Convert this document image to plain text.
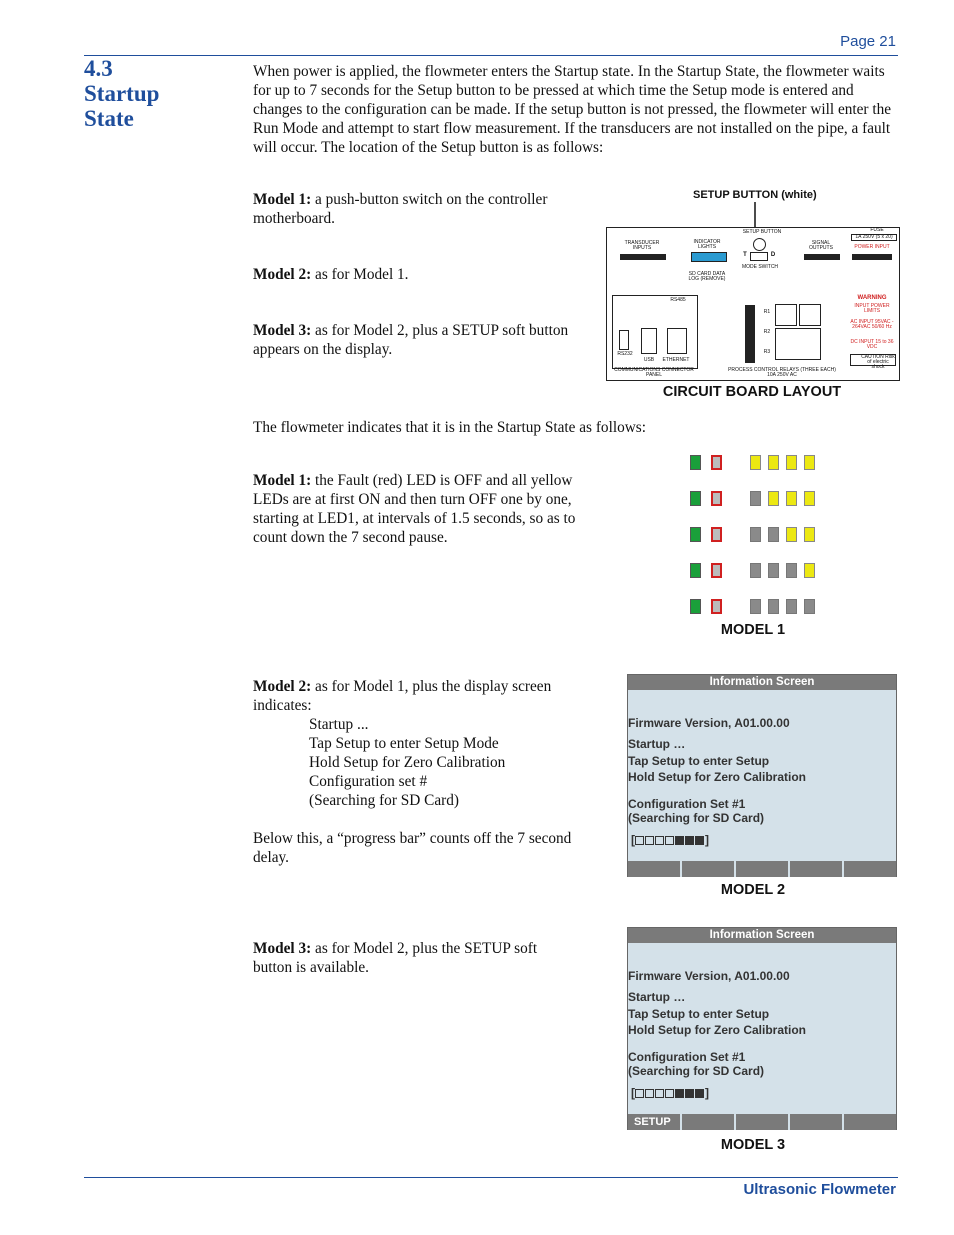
Page 21
4.3
Startup
State
When power is applied, the flowmeter enters the Startup state. In the Startup State, the flowmeter waits for up to 7 seconds for the Setup button to be pressed at which time the Setup mode is entered and changes to the configuration can be made. If the setup button is not pressed, the flowmeter will enter the Run Mode and attempt to start flow measurement. If the transducers are not installed on the pipe, a fault will occur. The location of the Setup button is as follows:
Model 1: a push-button switch on the controller motherboard.
Model 2: as for Model 1.
Model 3: as for Model 2, plus a SETUP soft button appears on the display.
SETUP BUTTON (white)
SETUP BUTTON	FUSE
1A 250V (5 x 20)
POWER INPUT
TRANSDUCER INPUTS
INDICATOR LIGHTS
SIGNAL OUTPUTS
T	D
MODE SWITCH
SD CARD DATA LOG (REMOVE)
WARNING
INPUT POWER LIMITS
AC INPUT 95VAC - 264VAC 50/60 Hz
DC INPUT 15 to 36 VDC
CAUTION Risk of electric shock
RS485
RS232
USB	ETHERNET
COMMUNICATIONS CONNECTOR PANEL
R1
R2
R3
PROCESS CONTROL RELAYS (THREE EACH) 10A 250V AC
CIRCUIT BOARD LAYOUT
The flowmeter indicates that it is in the Startup State as follows:
Model 1: the Fault (red) LED is OFF and all yellow LEDs are at first ON and then turn OFF one by one, starting at LED1, at intervals of 1.5 seconds, so as to count down the 7 second pause.
MODEL 1
Model 2: as for Model 1, plus the display screen indicates:
Startup ...
Tap Setup to enter Setup Mode
Hold Setup for Zero Calibration
Configuration set #
(Searching for SD Card)
Below this, a “progress bar” counts off the 7 second delay.
Information Screen
Firmware Version, A01.00.00
Startup …
Tap Setup to enter Setup
Hold Setup for Zero Calibration
Configuration Set #1
(Searching for SD Card)
[	]
MODEL 2
Model 3: as for Model 2, plus the SETUP soft button is available.
Information Screen
Firmware Version, A01.00.00
Startup …
Tap Setup to enter Setup
Hold Setup for Zero Calibration
Configuration Set #1
(Searching for SD Card)
[	]
SETUP
MODEL 3
Ultrasonic Flowmeter
